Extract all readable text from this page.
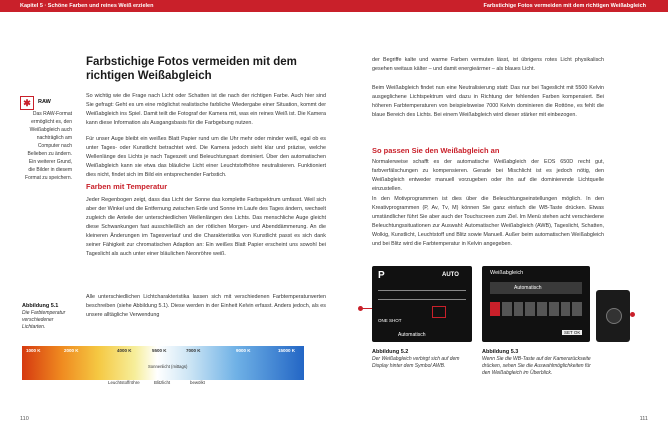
Kapitel 5 · Schöne Farben und reines Weiß erzielen
Farbstichige Fotos vermeiden mit dem richtigen Weißabgleich
✱	RAW
Das RAW-Format ermöglicht es, den Weißabgleich auch nachträglich am Computer nach Belieben zu ändern. Ein weiterer Grund, die Bilder in diesem Format zu speichern.
So wichtig wie die Frage nach Licht oder Schatten ist die nach der richtigen Farbe. Auch hier sind Sie gefragt: Geht es um eine möglichst realistische farbliche Wiedergabe einer Situation, kommt der Weißabgleich ins Spiel. Damit teilt die Fotograf der Kamera mit, was ein reines Weiß ist. Die Kamera kann diese Information als Ausgangsbasis für die Farbgebung nutzen.
Für unser Auge bleibt ein weißes Blatt Papier rund um die Uhr mehr oder minder weiß, egal ob es unter Tages- oder Kunstlicht betrachtet wird. Die Kamera jedoch sieht klar und präzise, welche Wellenlänge des Lichts je nach Tageszeit und Beleuchtungsart dominiert. Über den automatischen Weißabgleich kann sie etwa das bläuliche Licht einer Leuchtstoffröhre neutralisieren. Funktioniert dies nicht, findet sich im Bild ein entsprechender Farbstich.
Farben mit Temperatur
Jeder Regenbogen zeigt, dass das Licht der Sonne das komplette Farbspektrum umfasst. Weil sich aber der Winkel und die Entfernung zwischen Erde und Sonne im Laufe des Tages ändern, wechselt zugleich die Anteile der unterschiedlichen Wellenlängen des Lichts. Das menschliche Auge gleicht diese Schwankungen fast ausschließlich an der rötlichen Morgen- und Abenddämmerung. An die kleineren Änderungen im Tagesverlauf und die Charakteristika von Kunstlicht passt es sich dank seiner Fähigkeit zur chromatischen Adaption an: Ein weißes Blatt Papier erscheint uns sowohl bei Tageslicht als auch unter einer bläulichen Neonröhre weiß.
Alle unterschiedlichen Lichtcharakteristika lassen sich mit verschiedenen Farbtemperaturwerten beschreiben (siehe Abbildung 5.1). Diese werden in der Einheit Kelvin erfasst. Anders jedoch, als es unsere alltägliche Verwendung
Abbildung 5.1
Die Farbtemperatur verschiedener Lichtarten.
1000 K	2000 K	4000 K	5500 K	7000 K	9000 K	15000 K
Sonnenlicht (mittags)
Kerze	Glühlampe	Leuchtstoffröhre	Blitzlicht	bewölkt	Blauer Himmel
110
Farbstichige Fotos vermeiden mit dem richtigen Weißabgleich
der Begriffe kalte und warme Farben vermuten lässt, ist übrigens rotes Licht physikalisch gesehen weitaus kälter – und damit energieärmer – als blaues Licht.
Beim Weißabgleich findet nun eine Neutralisierung statt: Das nur bei Tageslicht mit 5500 Kelvin ausgeglichene Lichtspektrum wird dazu in Richtung der fehlenden Farben kompensiert. Bei höheren Farbtemperaturen von beispielsweise 7000 Kelvin dominieren die Rottöne, es fehlt die blaue Bereich des Lichts. Bei einem Weißabgleich wird dieser stärker mit einbezogen.
So passen Sie den Weißabgleich an
Normalerweise schafft es der automatische Weißabgleich der EOS 650D recht gut, farbverfälschungen zu kompensieren. Gerade bei Mischlicht ist es jedoch nötig, den Weißabgleich entweder manuell vorzugeben oder ihn auf die dominierende Lichtquelle einzustellen.
In den Motivprogrammen ist dies über die Beleuchtungseinstellungen möglich. In den Kreativprogrammen (P, Av, Tv, M) können Sie ganz einfach die WB-Taste drücken. Etwas umständlicher führt Sie aber auch der Touchscreen zum Ziel. Im Menü stehen acht verschiedene Beleuchtungssituationen zur Auswahl: Automatischer Weißabgleich (AWB), Tageslicht, Schatten, Wolkig, Kunstlicht, Leuchtstoff und Blitz sowie Manuell. Außer beim automatischen Weißabgleich und bei Blitz wird die Farbtemperatur in Kelvin angegeben.
P	AUTO
ONE SHOT
Automatisch
Weißabgleich
Automatisch
SET OK
Abbildung 5.2
Der Weißabgleich verbirgt sich auf dem Display hinter dem Symbol AWB.
Abbildung 5.3
Wenn Sie die WB-Taste auf der Kamerarückseite drücken, sehen Sie die Auswahlmöglichkeiten für den Weißabgleich im Überblick.
111
